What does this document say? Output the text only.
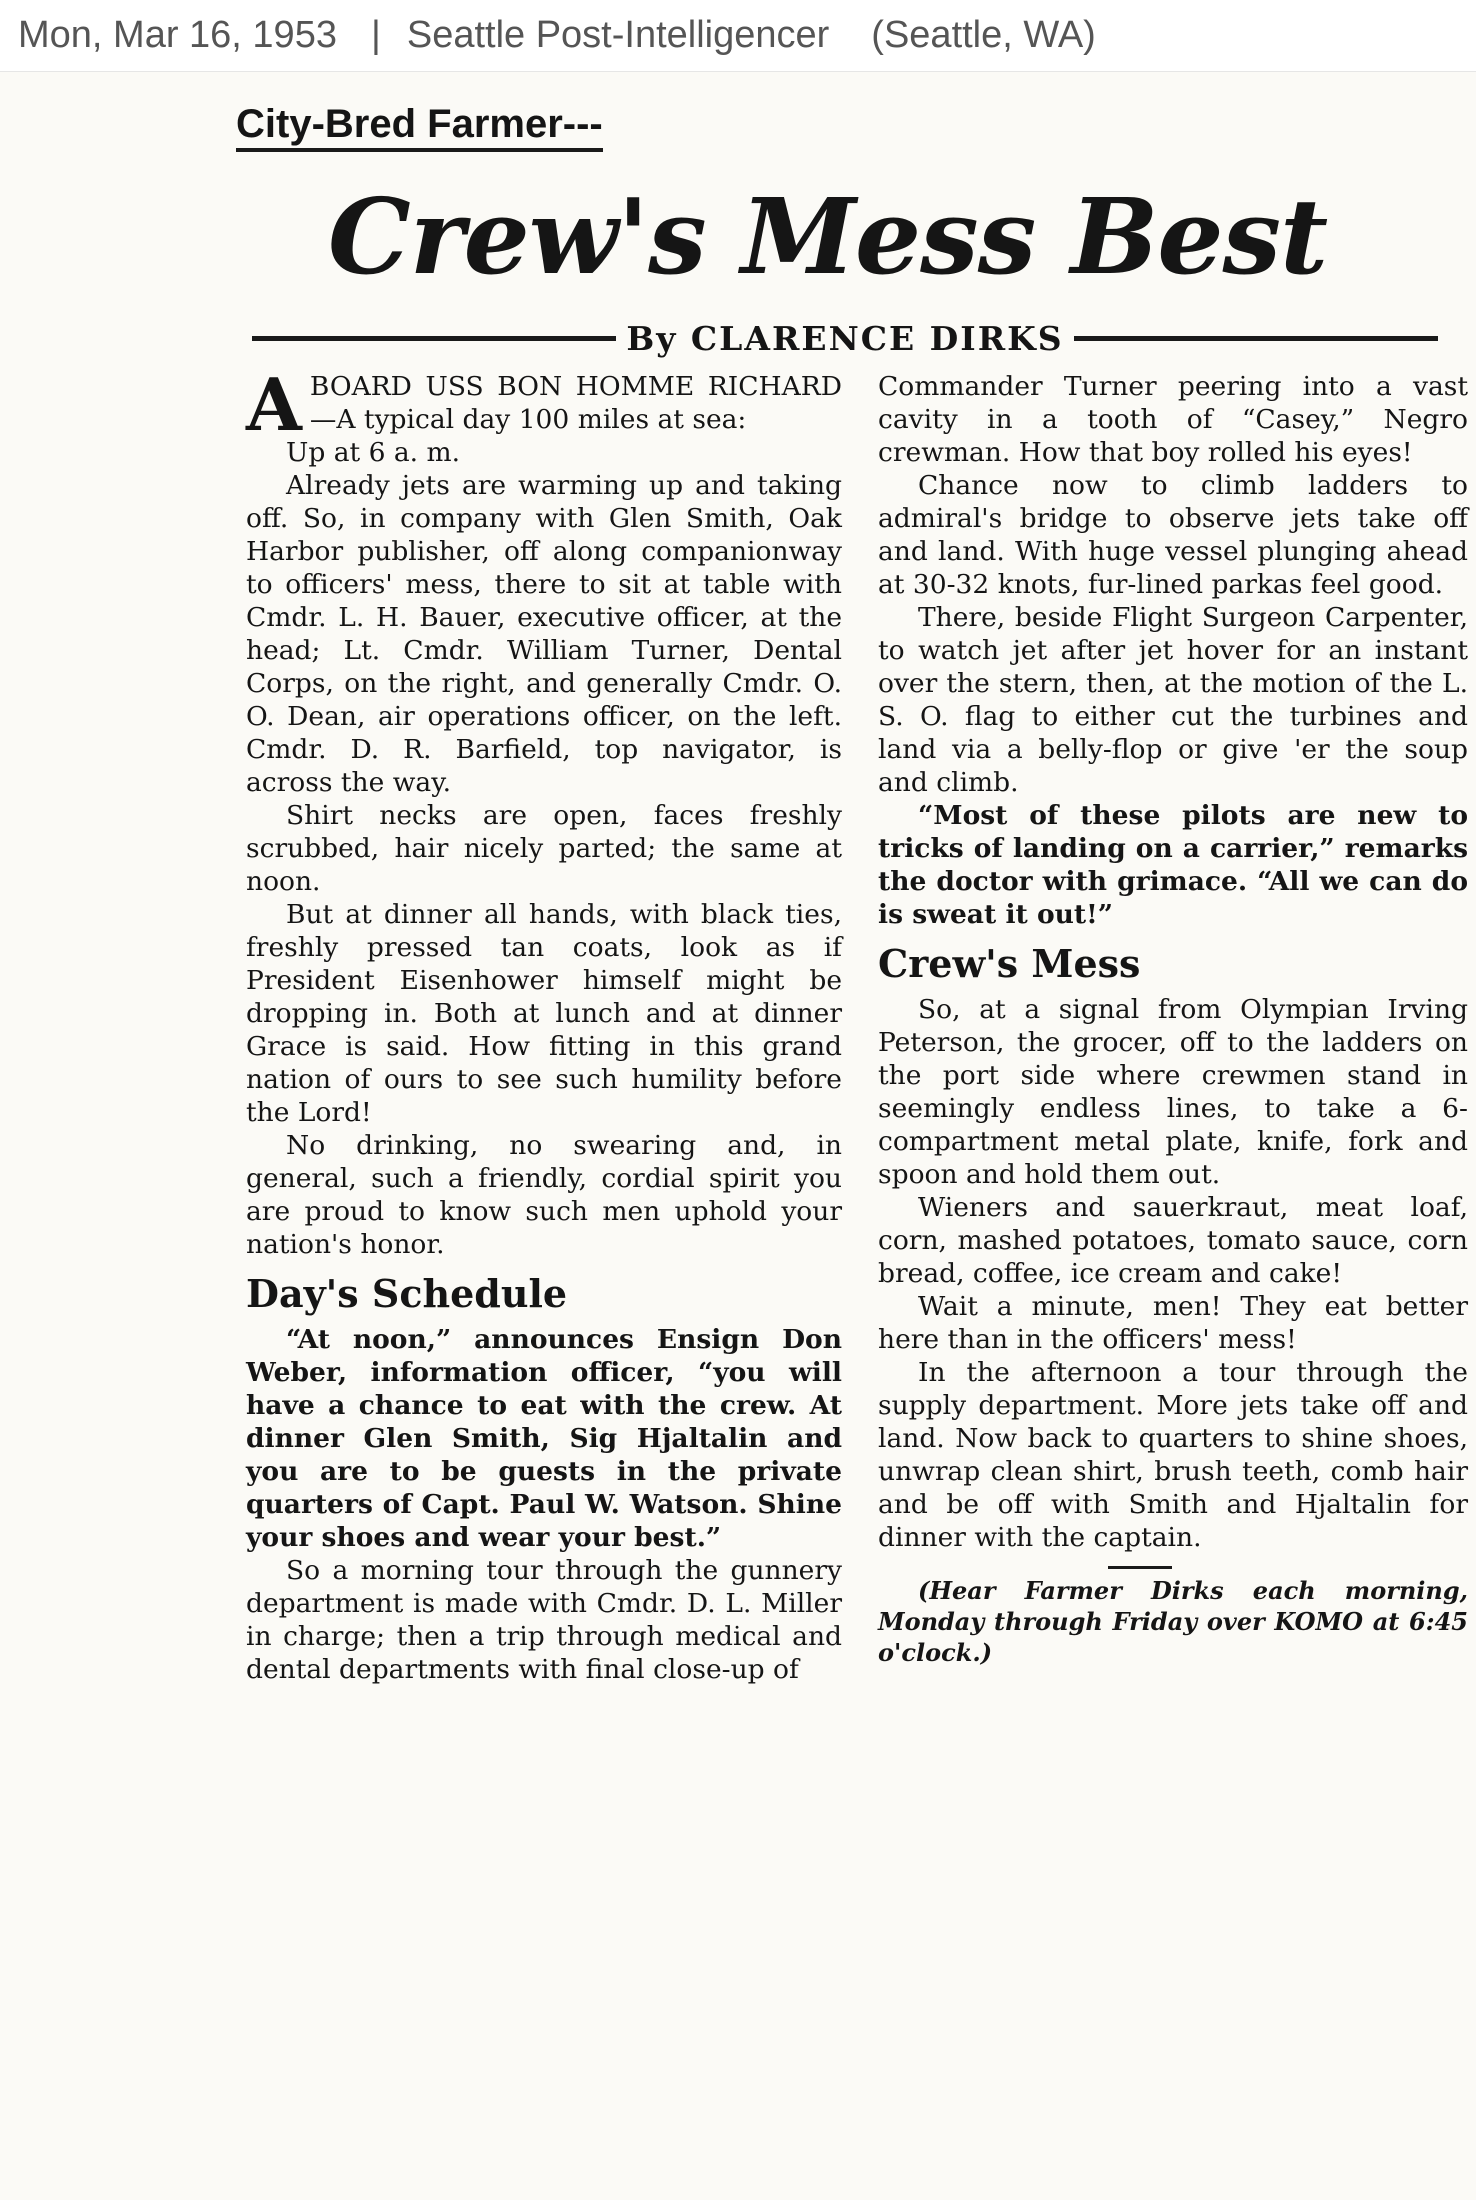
Mon, Mar 16, 1953 | Seattle Post-Intelligencer (Seattle, WA)
City-Bred Farmer---
Crew's Mess Best
By CLARENCE DIRKS

ABOARD USS BON HOMME RICHARD—A typical day 100 miles at sea:

Up at 6 a. m.

Already jets are warming up and taking off. So, in company with Glen Smith, Oak Harbor publisher, off along companionway to officers' mess, there to sit at table with Cmdr. L. H. Bauer, executive officer, at the head; Lt. Cmdr. William Turner, Dental Corps, on the right, and generally Cmdr. O. O. Dean, air operations officer, on the left. Cmdr. D. R. Barfield, top navigator, is across the way.

Shirt necks are open, faces freshly scrubbed, hair nicely parted; the same at noon.

But at dinner all hands, with black ties, freshly pressed tan coats, look as if President Eisenhower himself might be dropping in. Both at lunch and at dinner Grace is said. How fitting in this grand nation of ours to see such humility before the Lord!

No drinking, no swearing and, in general, such a friendly, cordial spirit you are proud to know such men uphold your nation's honor.

Day's Schedule

“At noon,” announces Ensign Don Weber, information officer, “you will have a chance to eat with the crew. At dinner Glen Smith, Sig Hjaltalin and you are to be guests in the private quarters of Capt. Paul W. Watson. Shine your shoes and wear your best.”

So a morning tour through the gunnery department is made with Cmdr. D. L. Miller in charge; then a trip through medical and dental departments with final close-up of

Commander Turner peering into a vast cavity in a tooth of “Casey,” Negro crewman. How that boy rolled his eyes!

Chance now to climb ladders to admiral's bridge to observe jets take off and land. With huge vessel plunging ahead at 30-32 knots, fur-lined parkas feel good.

There, beside Flight Surgeon Carpenter, to watch jet after jet hover for an instant over the stern, then, at the motion of the L. S. O. flag to either cut the turbines and land via a belly-flop or give 'er the soup and climb.

“Most of these pilots are new to tricks of landing on a carrier,” remarks the doctor with grimace. “All we can do is sweat it out!”

Crew's Mess

So, at a signal from Olympian Irving Peterson, the grocer, off to the ladders on the port side where crewmen stand in seemingly endless lines, to take a 6-compartment metal plate, knife, fork and spoon and hold them out.

Wieners and sauerkraut, meat loaf, corn, mashed potatoes, tomato sauce, corn bread, coffee, ice cream and cake!

Wait a minute, men! They eat better here than in the officers' mess!

In the afternoon a tour through the supply department. More jets take off and land. Now back to quarters to shine shoes, unwrap clean shirt, brush teeth, comb hair and be off with Smith and Hjaltalin for dinner with the captain.

(Hear Farmer Dirks each morning, Monday through Friday over KOMO at 6:45 o'clock.)
